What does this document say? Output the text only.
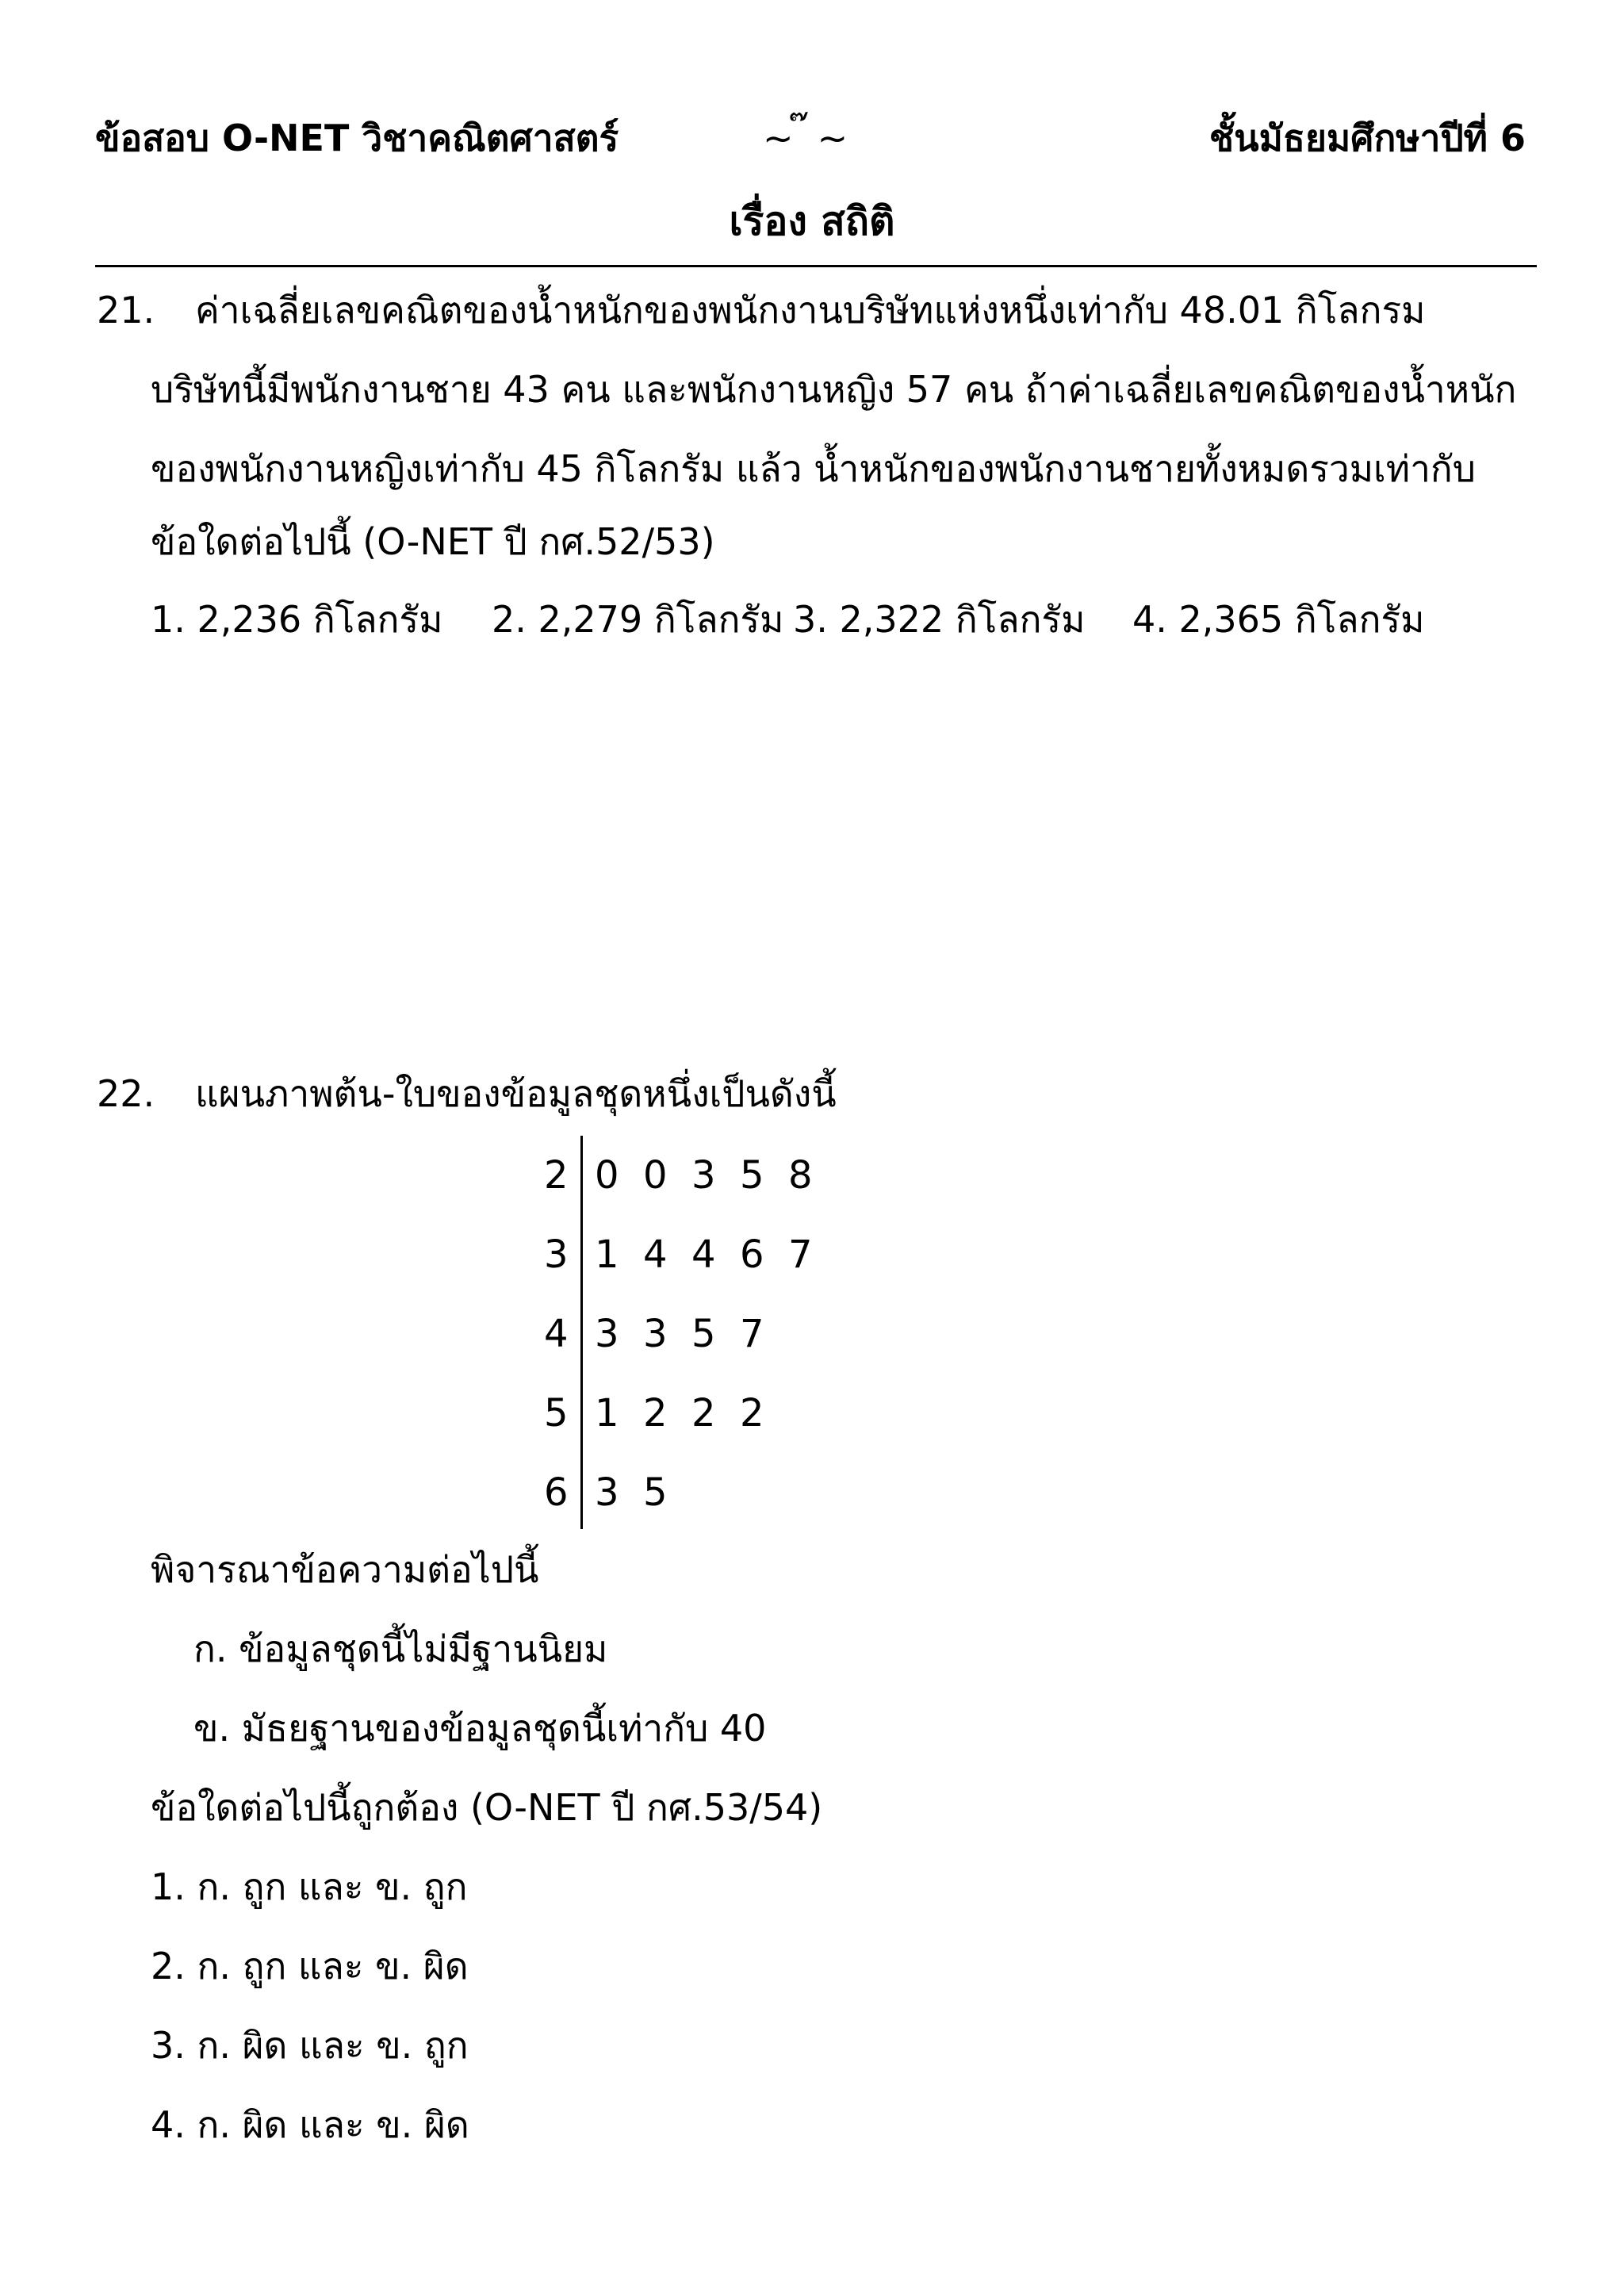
ข้อสอบ O-NET วิชาคณิตศาสตร์	~ ๊ ~	ชั้นมัธยมศึกษาปีที่ 6
เรื่อง สถิติ
21. ค่าเฉลี่ยเลขคณิตของน้ำหนักของพนักงานบริษัทแห่งหนึ่งเท่ากับ 48.01 กิโลกรม
บริษัทนี้มีพนักงานชาย 43 คน และพนักงานหญิง 57 คน ถ้าค่าเฉลี่ยเลขคณิตของน้ำหนัก
ของพนักงานหญิงเท่ากับ 45 กิโลกรัม แล้ว น้ำหนักของพนักงานชายทั้งหมดรวมเท่ากับ
ข้อใดต่อไปนี้ (O-NET ปี กศ.52/53)
1. 2,236 กิโลกรัม 2. 2,279 กิโลกรัม 3. 2,322 กิโลกรัม 4. 2,365 กิโลกรัม
22. แผนภาพต้น-ใบของข้อมูลชุดหนึ่งเป็นดังนี้
2 0 0 3 5 8
3 1 4 4 6 7
4 3 3 5 7
5 1 2 2 2
6 3 5
พิจารณาข้อความต่อไปนี้
ก. ข้อมูลชุดนี้ไม่มีฐานนิยม
ข. มัธยฐานของข้อมูลชุดนี้เท่ากับ 40
ข้อใดต่อไปนี้ถูกต้อง (O-NET ปี กศ.53/54)
1. ก. ถูก และ ข. ถูก
2. ก. ถูก และ ข. ผิด
3. ก. ผิด และ ข. ถูก
4. ก. ผิด และ ข. ผิด
